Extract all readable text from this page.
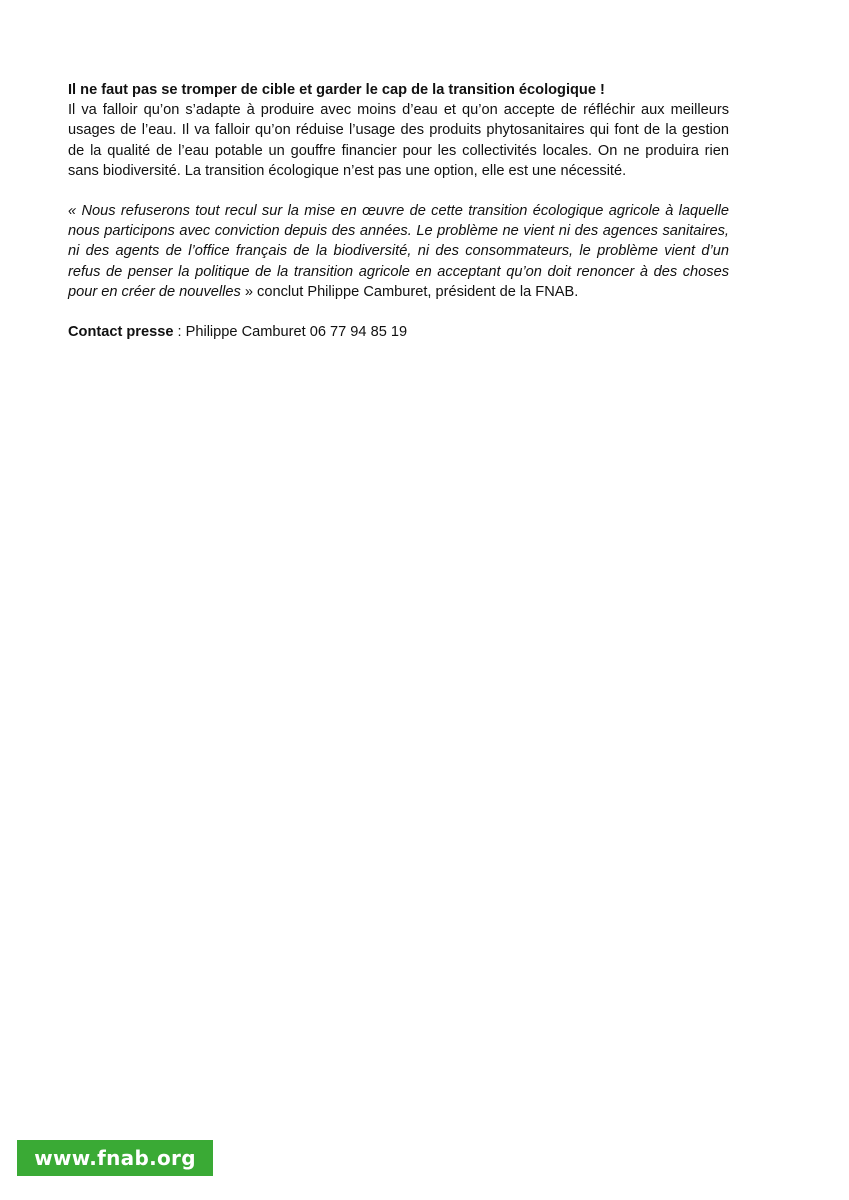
Il ne faut pas se tromper de cible et garder le cap de la transition écologique !
Il va falloir qu’on s’adapte à produire avec moins d’eau et qu’on accepte de réfléchir aux meilleurs usages de l’eau. Il va falloir qu’on réduise l’usage des produits phytosanitaires qui font de la gestion de la qualité de l’eau potable un gouffre financier pour les collectivités locales. On ne produira rien sans biodiversité. La transition écologique n’est pas une option, elle est une nécessité.

« Nous refuserons tout recul sur la mise en œuvre de cette transition écologique agricole à laquelle nous participons avec conviction depuis des années. Le problème ne vient ni des agences sanitaires, ni des agents de l’office français de la biodiversité, ni des consommateurs, le problème vient d’un refus de penser la politique de la transition agricole en acceptant qu’on doit renoncer à des choses pour en créer de nouvelles » conclut Philippe Camburet, président de la FNAB.

Contact presse : Philippe Camburet 06 77 94 85 19

www.fnab.org
